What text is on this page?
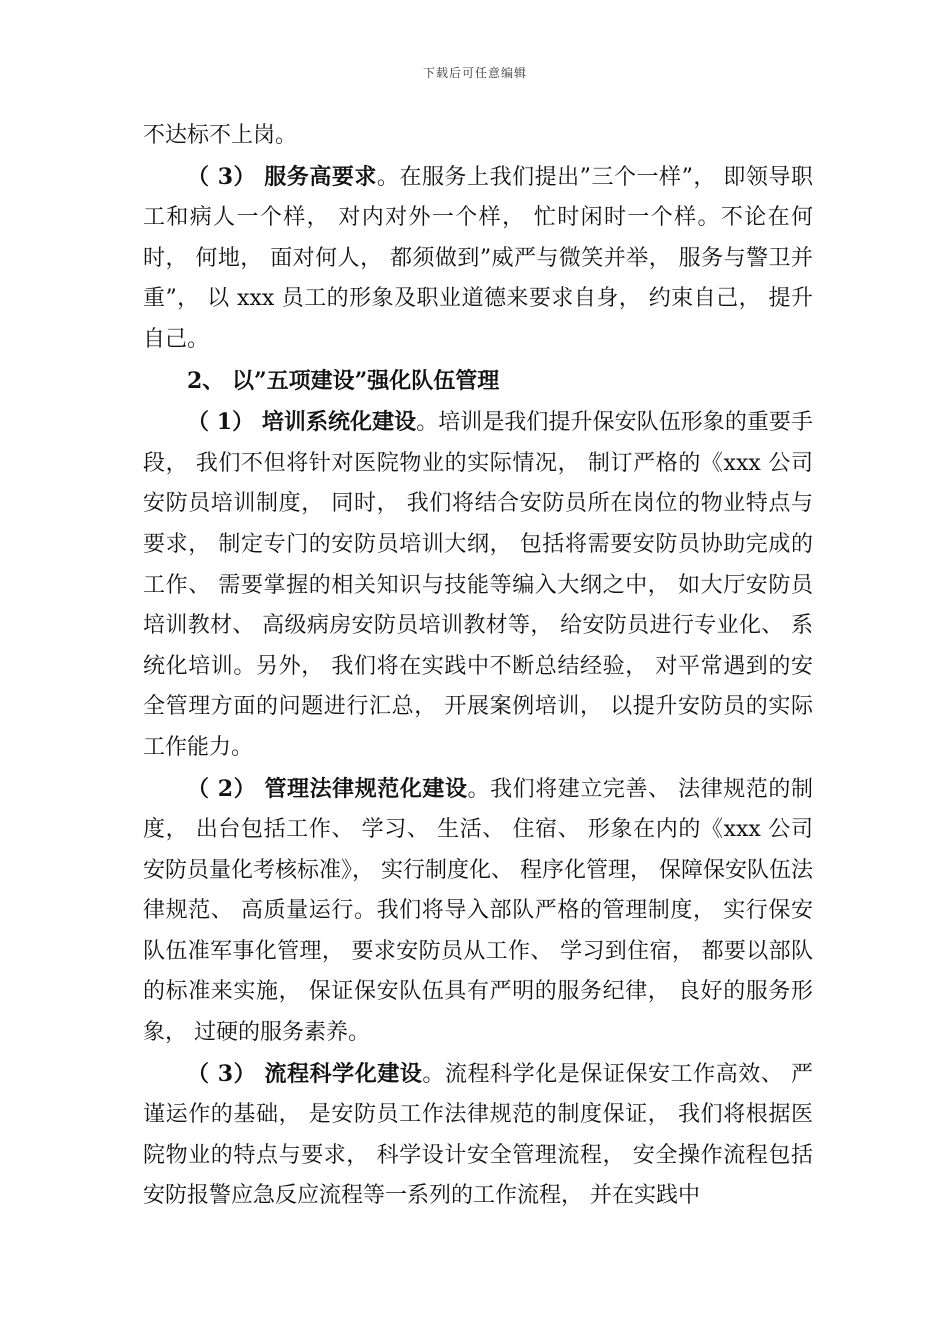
下载后可任意编辑

不达标不上岗。

（ 3） 服务高要求。在服务上我们提出”三个一样”， 即领导职工和病人一个样， 对内对外一个样， 忙时闲时一个样。不论在何时， 何地， 面对何人， 都须做到”威严与微笑并举， 服务与警卫并重”， 以 xxx 员工的形象及职业道德来要求自身， 约束自己， 提升自己。

2、 以”五项建设”强化队伍管理

（ 1） 培训系统化建设。培训是我们提升保安队伍形象的重要手段， 我们不但将针对医院物业的实际情况， 制订严格的《xxx 公司安防员培训制度， 同时， 我们将结合安防员所在岗位的物业特点与要求， 制定专门的安防员培训大纲， 包括将需要安防员协助完成的工作、 需要掌握的相关知识与技能等编入大纲之中， 如大厅安防员培训教材、 高级病房安防员培训教材等， 给安防员进行专业化、 系统化培训。另外， 我们将在实践中不断总结经验， 对平常遇到的安全管理方面的问题进行汇总， 开展案例培训， 以提升安防员的实际工作能力。

（ 2） 管理法律规范化建设。我们将建立完善、 法律规范的制度， 出台包括工作、 学习、 生活、 住宿、 形象在内的《xxx 公司安防员量化考核标准》， 实行制度化、 程序化管理， 保障保安队伍法律规范、 高质量运行。我们将导入部队严格的管理制度， 实行保安队伍准军事化管理， 要求安防员从工作、 学习到住宿， 都要以部队的标准来实施， 保证保安队伍具有严明的服务纪律， 良好的服务形象， 过硬的服务素养。

（ 3） 流程科学化建设。流程科学化是保证保安工作高效、 严谨运作的基础， 是安防员工作法律规范的制度保证， 我们将根据医院物业的特点与要求， 科学设计安全管理流程， 安全操作流程包括安防报警应急反应流程等一系列的工作流程， 并在实践中
